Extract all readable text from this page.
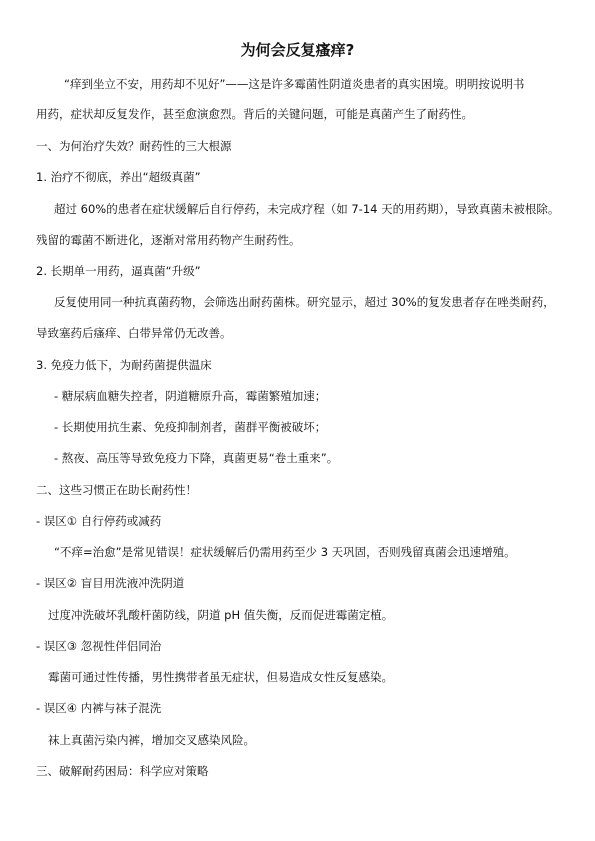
为何会反复瘙痒?
“痒到坐立不安，用药却不见好”——这是许多霉菌性阴道炎患者的真实困境。明明按说明书
用药，症状却反复发作，甚至愈演愈烈。背后的关键问题，可能是真菌产生了耐药性。
一、为何治疗失效？耐药性的三大根源
1. 治疗不彻底，养出“超级真菌”
超过 60%的患者在症状缓解后自行停药，未完成疗程（如 7-14 天的用药期），导致真菌未被根除。
残留的霉菌不断进化，逐渐对常用药物产生耐药性。
2. 长期单一用药，逼真菌“升级”
反复使用同一种抗真菌药物，会筛选出耐药菌株。研究显示，超过 30%的复发患者存在唑类耐药，
导致塞药后瘙痒、白带异常仍无改善。
3. 免疫力低下，为耐药菌提供温床
- 糖尿病血糖失控者，阴道糖原升高，霉菌繁殖加速；
- 长期使用抗生素、免疫抑制剂者，菌群平衡被破坏；
- 熬夜、高压等导致免疫力下降，真菌更易“卷土重来”。
二、这些习惯正在助长耐药性！
- 误区① 自行停药或减药
“不痒=治愈”是常见错误！症状缓解后仍需用药至少 3 天巩固，否则残留真菌会迅速增殖。
- 误区② 盲目用洗液冲洗阴道
过度冲洗破坏乳酸杆菌防线，阴道 pH 值失衡，反而促进霉菌定植。
- 误区③ 忽视性伴侣同治
霉菌可通过性传播，男性携带者虽无症状，但易造成女性反复感染。
- 误区④ 内裤与袜子混洗
袜上真菌污染内裤，增加交叉感染风险。
三、破解耐药困局：科学应对策略
